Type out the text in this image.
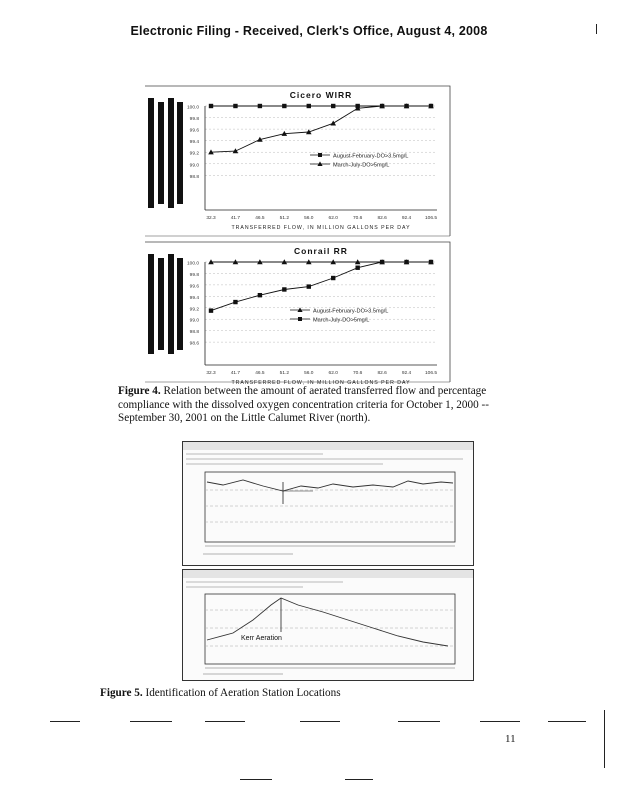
Electronic Filing - Received, Clerk's Office, August 4, 2008
Cicero WIRR
100.0
99.8
99.6
99.4
99.2
99.0
98.8
32.3	41.7	46.5	51.2	56.0	62.0	70.6	82.6	92.4	106.5
TRANSFERRED FLOW, IN MILLION GALLONS PER DAY
August-February-DO>3.5mg/L
March-July-DO>5mg/L
Conrail RR
100.0
99.8
99.6
99.4
99.2
99.0
98.8
98.6
32.3	41.7	46.5	51.2	56.0	62.0	70.6	82.6	92.4	106.5
TRANSFERRED FLOW, IN MILLION GALLONS PER DAY
August-February-DO>3.5mg/L
March-July-DO>5mg/L
Figure 4. Relation between the amount of aerated transferred flow and percentage compliance with the dissolved oxygen concentration criteria for October 1, 2000 -- September 30, 2001 on the Little Calumet River (north).
Kerr Aeration
Figure 5. Identification of Aeration Station Locations
11
